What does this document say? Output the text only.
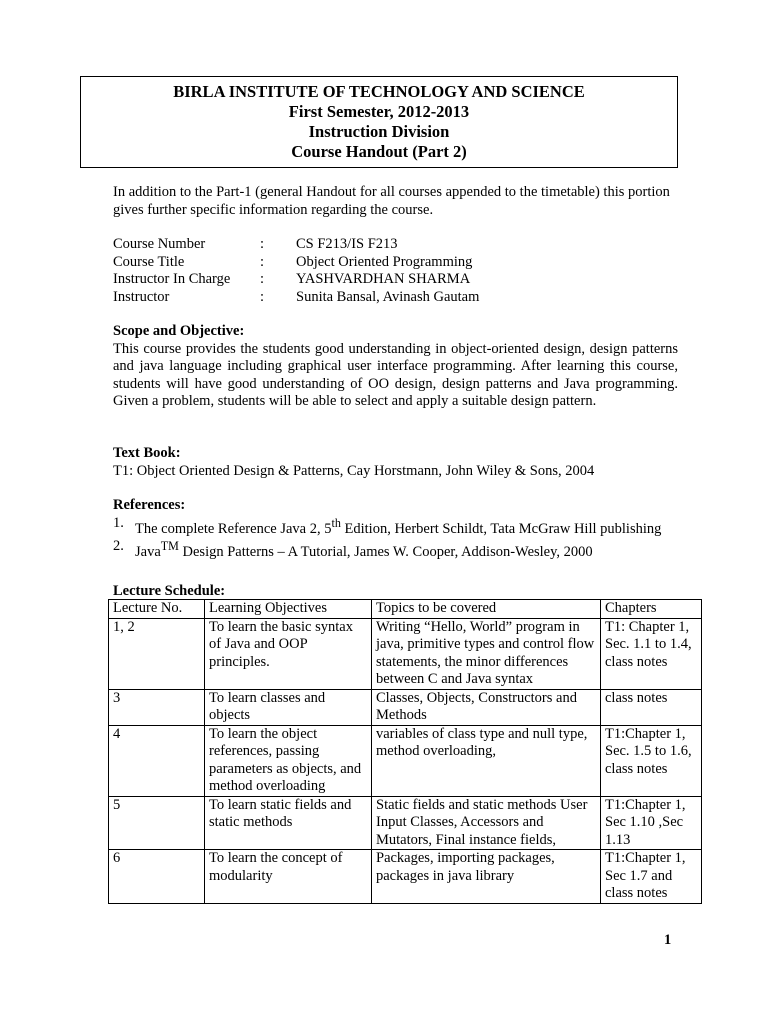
BIRLA INSTITUTE OF TECHNOLOGY AND SCIENCE
First Semester, 2012-2013
Instruction Division
Course Handout (Part 2)
In addition to the Part-1 (general Handout for all courses appended to the timetable) this portion gives further specific information regarding the course.
Course Number	:	CS F213/IS F213
Course Title	:	Object Oriented Programming
Instructor In Charge	:	YASHVARDHAN SHARMA
Instructor	:	Sunita Bansal, Avinash Gautam
Scope and Objective:
This course provides the students good understanding in object-oriented design, design patterns and java language including graphical user interface programming. After learning this course, students will have good understanding of OO design, design patterns and Java programming. Given a problem, students will be able to select and apply a suitable design pattern.
Text Book:
T1: Object Oriented Design & Patterns, Cay Horstmann, John Wiley & Sons, 2004
References:
1. The complete Reference Java 2, 5th Edition, Herbert Schildt, Tata McGraw Hill publishing
2. Java™ Design Patterns – A Tutorial, James W. Cooper, Addison-Wesley, 2000
Lecture Schedule:
Lecture No.	Learning Objectives	Topics to be covered	Chapters
1, 2	To learn the basic syntax of Java and OOP principles.	Writing “Hello, World” program in java, primitive types and control flow statements, the minor differences between C and Java syntax	T1: Chapter 1, Sec. 1.1 to 1.4, class notes
3	To learn classes and objects	Classes, Objects, Constructors and Methods	class notes
4	To learn the object references, passing parameters as objects, and method overloading	variables of class type and null type, method overloading,	T1:Chapter 1, Sec. 1.5 to 1.6, class notes
5	To learn static fields and static methods	Static fields and static methods User Input Classes, Accessors and Mutators, Final instance fields,	T1:Chapter 1, Sec 1.10 ,Sec 1.13
6	To learn the concept of modularity	Packages, importing packages, packages in java library	T1:Chapter 1, Sec 1.7 and class notes
1
